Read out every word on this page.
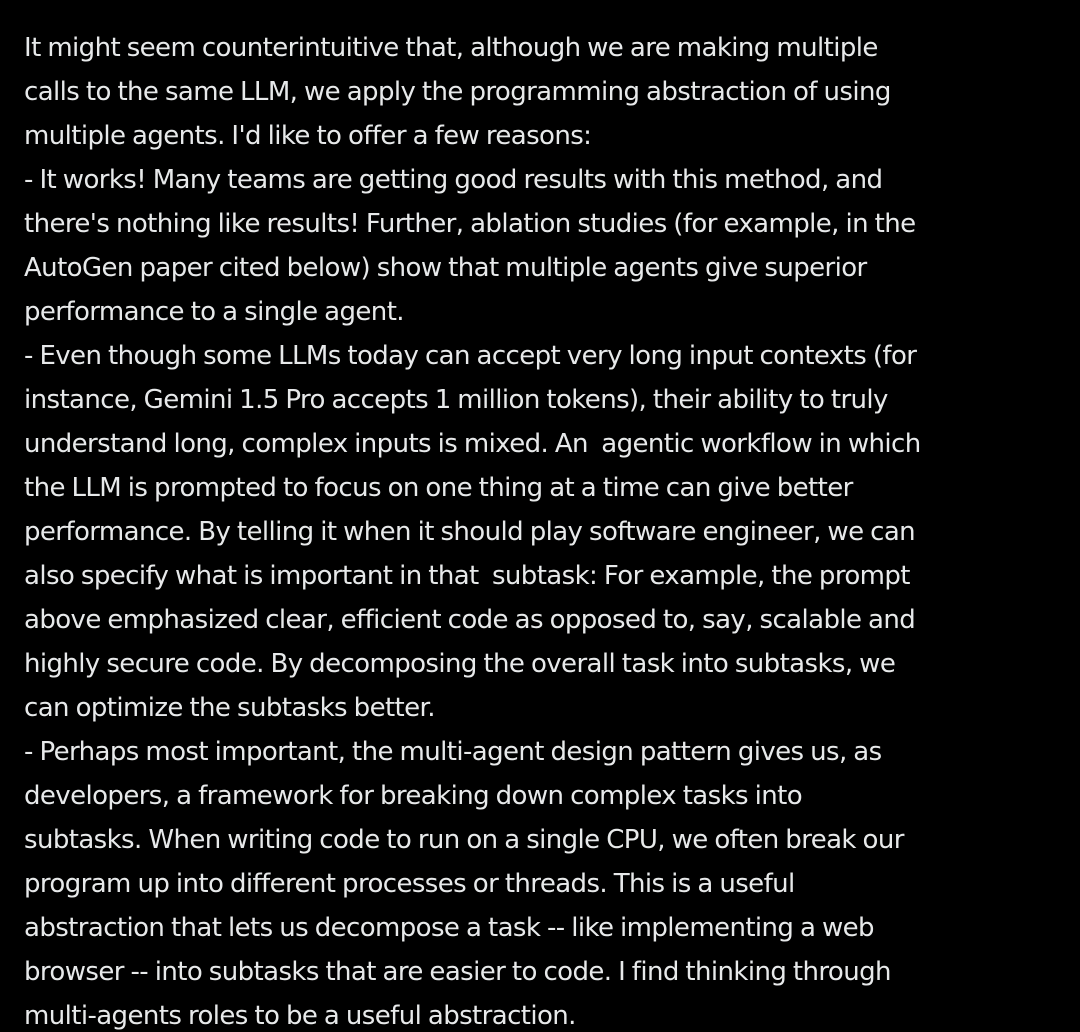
It might seem counterintuitive that, although we are making multiple
calls to the same LLM, we apply the programming abstraction of using
multiple agents. I'd like to offer a few reasons:
- It works! Many teams are getting good results with this method, and
there's nothing like results! Further, ablation studies (for example, in the
AutoGen paper cited below) show that multiple agents give superior
performance to a single agent.
- Even though some LLMs today can accept very long input contexts (for
instance, Gemini 1.5 Pro accepts 1 million tokens), their ability to truly
understand long, complex inputs is mixed. An  agentic workflow in which
the LLM is prompted to focus on one thing at a time can give better
performance. By telling it when it should play software engineer, we can
also specify what is important in that  subtask: For example, the prompt
above emphasized clear, efficient code as opposed to, say, scalable and
highly secure code. By decomposing the overall task into subtasks, we
can optimize the subtasks better.
- Perhaps most important, the multi-agent design pattern gives us, as
developers, a framework for breaking down complex tasks into
subtasks. When writing code to run on a single CPU, we often break our
program up into different processes or threads. This is a useful
abstraction that lets us decompose a task -- like implementing a web
browser -- into subtasks that are easier to code. I find thinking through
multi-agents roles to be a useful abstraction.
